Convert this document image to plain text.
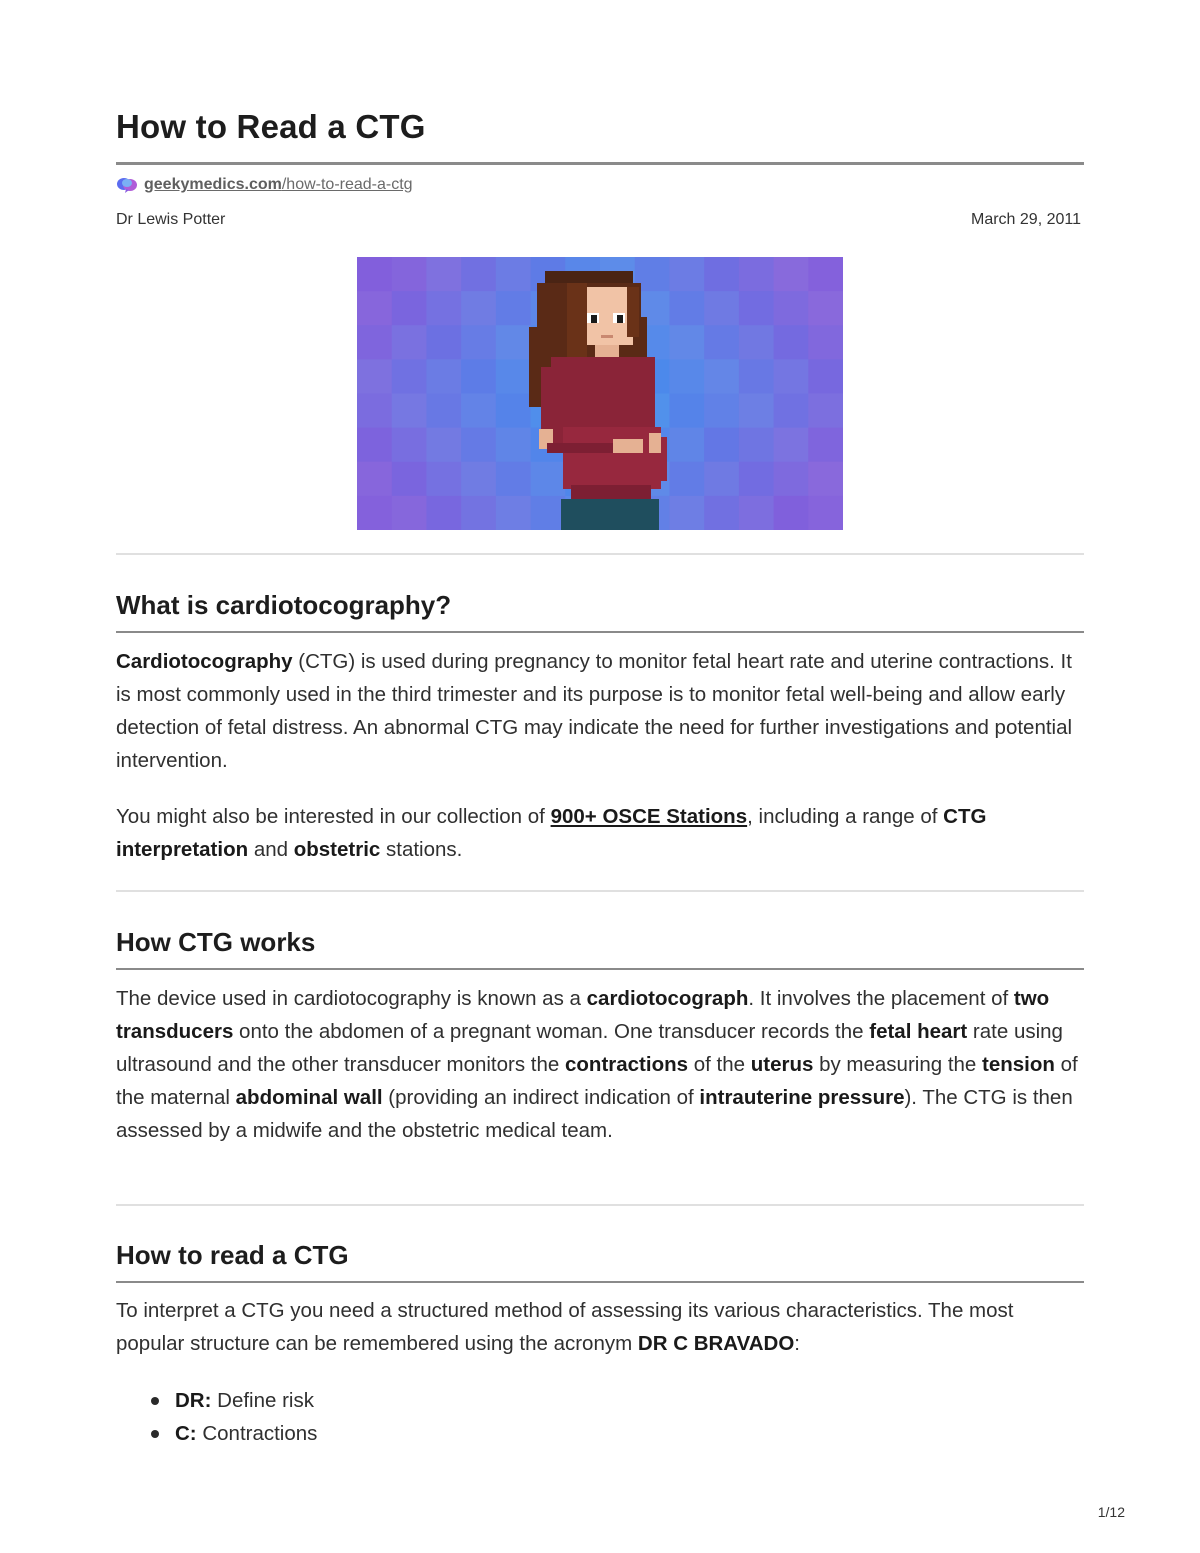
How to Read a CTG
geekymedics.com/how-to-read-a-ctg
Dr Lewis Potter	March 29, 2011
What is cardiotocography?

Cardiotocography (CTG) is used during pregnancy to monitor fetal heart rate and uterine contractions. It is most commonly used in the third trimester and its purpose is to monitor fetal well-being and allow early detection of fetal distress. An abnormal CTG may indicate the need for further investigations and potential intervention.

You might also be interested in our collection of 900+ OSCE Stations, including a range of CTG interpretation and obstetric stations.

How CTG works

The device used in cardiotocography is known as a cardiotocograph. It involves the placement of two transducers onto the abdomen of a pregnant woman. One transducer records the fetal heart rate using ultrasound and the other transducer monitors the contractions of the uterus by measuring the tension of the maternal abdominal wall (providing an indirect indication of intrauterine pressure). The CTG is then assessed by a midwife and the obstetric medical team.

How to read a CTG

To interpret a CTG you need a structured method of assessing its various characteristics. The most popular structure can be remembered using the acronym DR C BRAVADO:

DR: Define risk
C: Contractions
1/12
